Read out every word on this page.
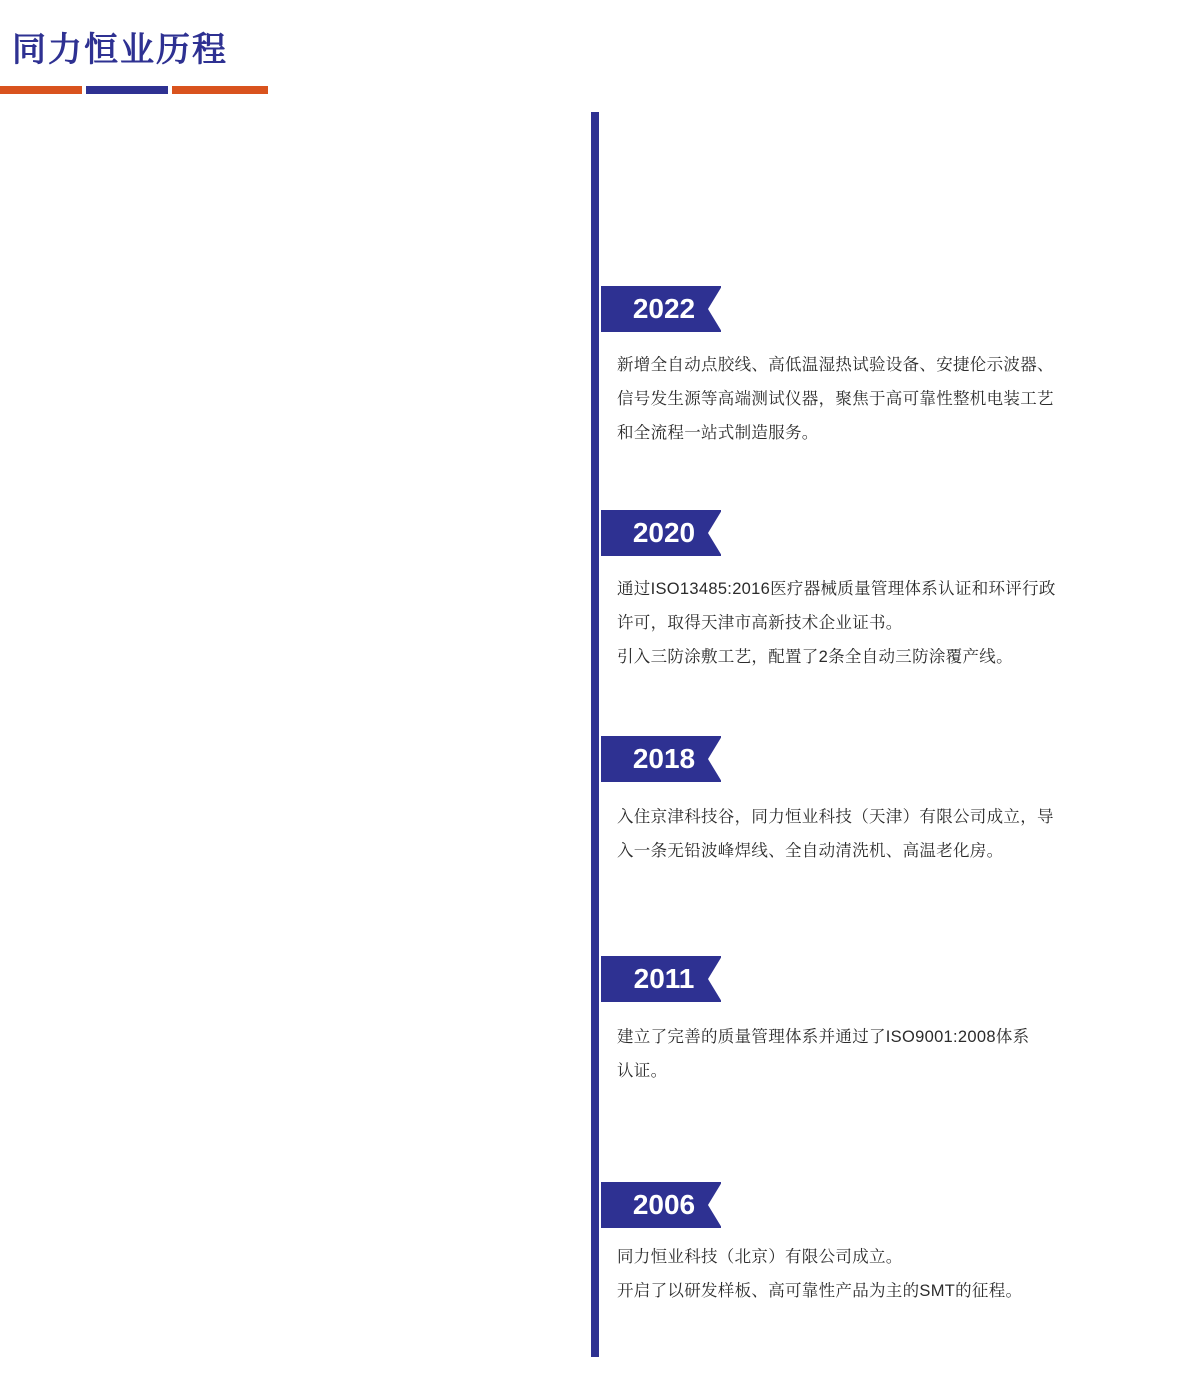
同力恒业历程

2022

新增全自动点胶线、高低温湿热试验设备、安捷伦示波器、

信号发生源等高端测试仪器，聚焦于高可靠性整机电装工艺

和全流程一站式制造服务。

2020

通过ISO13485:2016医疗器械质量管理体系认证和环评行政

许可，取得天津市高新技术企业证书。

引入三防涂敷工艺，配置了2条全自动三防涂覆产线。

2018

入住京津科技谷，同力恒业科技（天津）有限公司成立，导

入一条无铅波峰焊线、全自动清洗机、高温老化房。

2011

建立了完善的质量管理体系并通过了ISO9001:2008体系

认证。

2006

同力恒业科技（北京）有限公司成立。

开启了以研发样板、高可靠性产品为主的SMT的征程。
